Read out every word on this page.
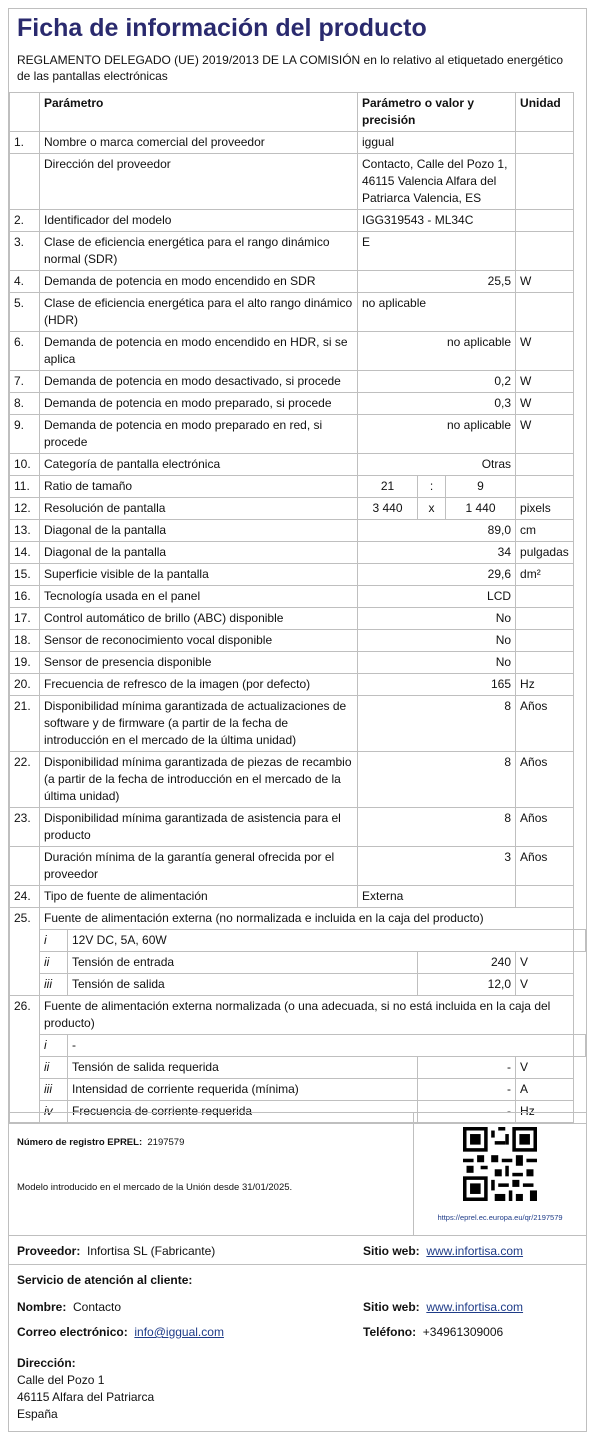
Ficha de información del producto
REGLAMENTO DELEGADO (UE) 2019/2013 DE LA COMISIÓN en lo relativo al etiquetado energético de las pantallas electrónicas
	Parámetro		Parámetro o valor y precisión			Unidad	
1.	Nombre o marca comercial del proveedor		iggual				
	Dirección del proveedor		Contacto, Calle del Pozo 1, 46115 Valencia Alfara del Patriarca Valencia, ES				
2.	Identificador del modelo		IGG319543 - ML34C				
3.	Clase de eficiencia energética para el rango dinámico normal (SDR)		E				
4.	Demanda de potencia en modo encendido en SDR		25,5			W	
5.	Clase de eficiencia energética para el alto rango dinámico (HDR)		no aplicable				
6.	Demanda de potencia en modo encendido en HDR, si se aplica		no aplicable			W	
7.	Demanda de potencia en modo desactivado, si procede		0,2			W	
8.	Demanda de potencia en modo preparado, si procede		0,3			W	
9.	Demanda de potencia en modo preparado en red, si procede		no aplicable			W	
10.	Categoría de pantalla electrónica		Otras				
11.	Ratio de tamaño		21	:	9		
12.	Resolución de pantalla		3 440	x	1 440	pixels	
13.	Diagonal de la pantalla		89,0			cm	
14.	Diagonal de la pantalla		34			pulgadas	
15.	Superficie visible de la pantalla		29,6			dm²	
16.	Tecnología usada en el panel		LCD				
17.	Control automático de brillo (ABC) disponible		No				
18.	Sensor de reconocimiento vocal disponible		No				
19.	Sensor de presencia disponible		No				
20.	Frecuencia de refresco de la imagen (por defecto)		165			Hz	
21.	Disponibilidad mínima garantizada de actualizaciones de software y de firmware (a partir de la fecha de introducción en el mercado de la última unidad)		8			Años	
22.	Disponibilidad mínima garantizada de piezas de recambio (a partir de la fecha de introducción en el mercado de la última unidad)		8			Años	
23.	Disponibilidad mínima garantizada de asistencia para el producto		8			Años	
	Duración mínima de la garantía general ofrecida por el proveedor		3			Años	
24.	Tipo de fuente de alimentación		Externa				
25.	Fuente de alimentación externa (no normalizada e incluida en la caja del producto)						
	i	12V DC, 5A, 60W					
	ii	Tensión de entrada		240		V	
	iii	Tensión de salida		12,0		V	
26.	Fuente de alimentación externa normalizada (o una adecuada, si no está incluida en la caja del producto)						
	i	-					
	ii	Tensión de salida requerida		-		V	
	iii	Intensidad de corriente requerida (mínima)		-		A	
	iv	Frecuencia de corriente requerida		-		Hz	
Número de registro EPREL: 2197579
Modelo introducido en el mercado de la Unión desde 31/01/2025.
https://eprel.ec.europa.eu/qr/2197579
Proveedor: Infortisa SL (Fabricante)	Sitio web: www.infortisa.com
Servicio de atención al cliente:
Nombre: Contacto	Sitio web: www.infortisa.com
Correo electrónico: info@iggual.com	Teléfono: +34961309006
Dirección:
Calle del Pozo 1
46115 Alfara del Patriarca
España
